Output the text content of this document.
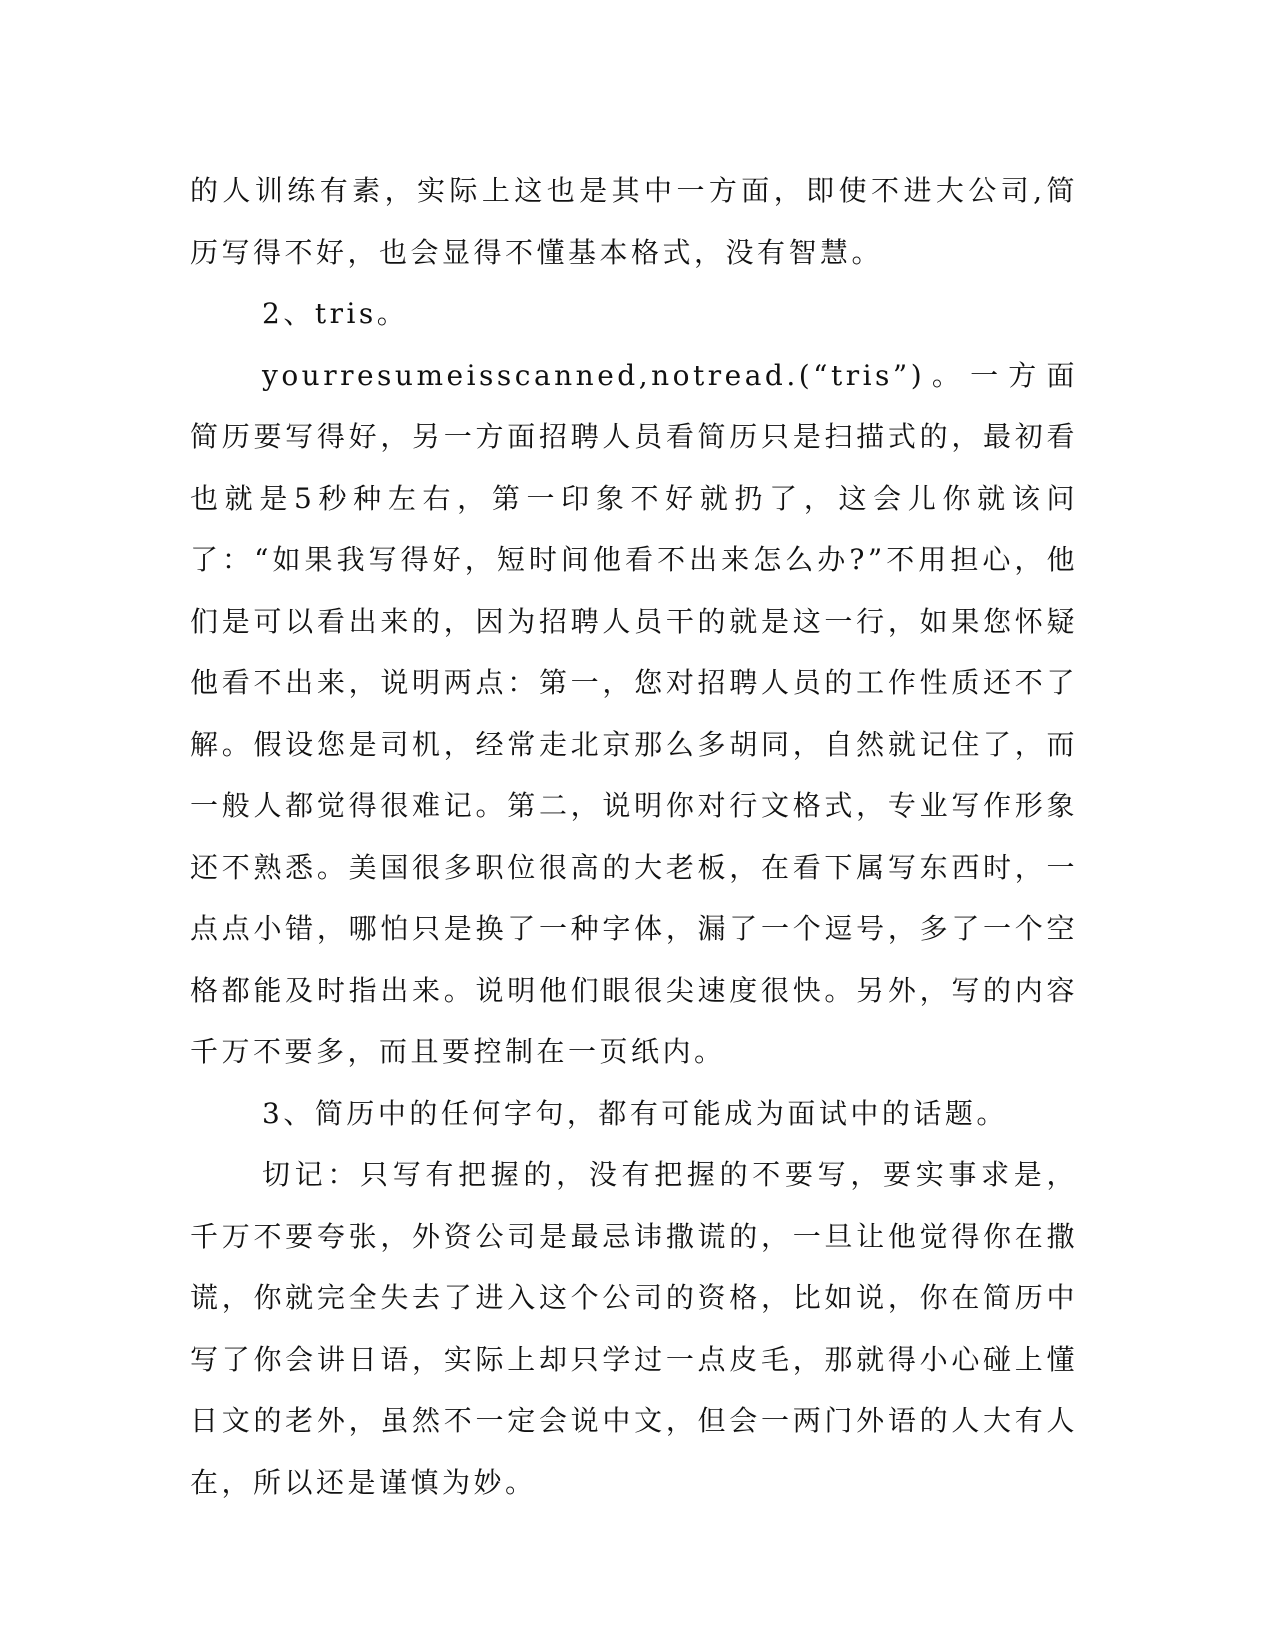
的人训练有素，实际上这也是其中一方面，即使不进大公司,简历写得不好，也会显得不懂基本格式，没有智慧。

2、tris。

yourresumeisscanned,notread.(“tris”)。一方面简历要写得好，另一方面招聘人员看简历只是扫描式的，最初看也就是5秒种左右，第一印象不好就扔了，这会儿你就该问了：“如果我写得好，短时间他看不出来怎么办?”不用担心，他们是可以看出来的，因为招聘人员干的就是这一行，如果您怀疑他看不出来，说明两点：第一，您对招聘人员的工作性质还不了解。假设您是司机，经常走北京那么多胡同，自然就记住了，而一般人都觉得很难记。第二，说明你对行文格式，专业写作形象还不熟悉。美国很多职位很高的大老板，在看下属写东西时，一点点小错，哪怕只是换了一种字体，漏了一个逗号，多了一个空格都能及时指出来。说明他们眼很尖速度很快。另外，写的内容千万不要多，而且要控制在一页纸内。

3、简历中的任何字句，都有可能成为面试中的话题。

切记：只写有把握的，没有把握的不要写，要实事求是，千万不要夸张，外资公司是最忌讳撒谎的，一旦让他觉得你在撒谎，你就完全失去了进入这个公司的资格，比如说，你在简历中写了你会讲日语，实际上却只学过一点皮毛，那就得小心碰上懂日文的老外，虽然不一定会说中文，但会一两门外语的人大有人在，所以还是谨慎为妙。
